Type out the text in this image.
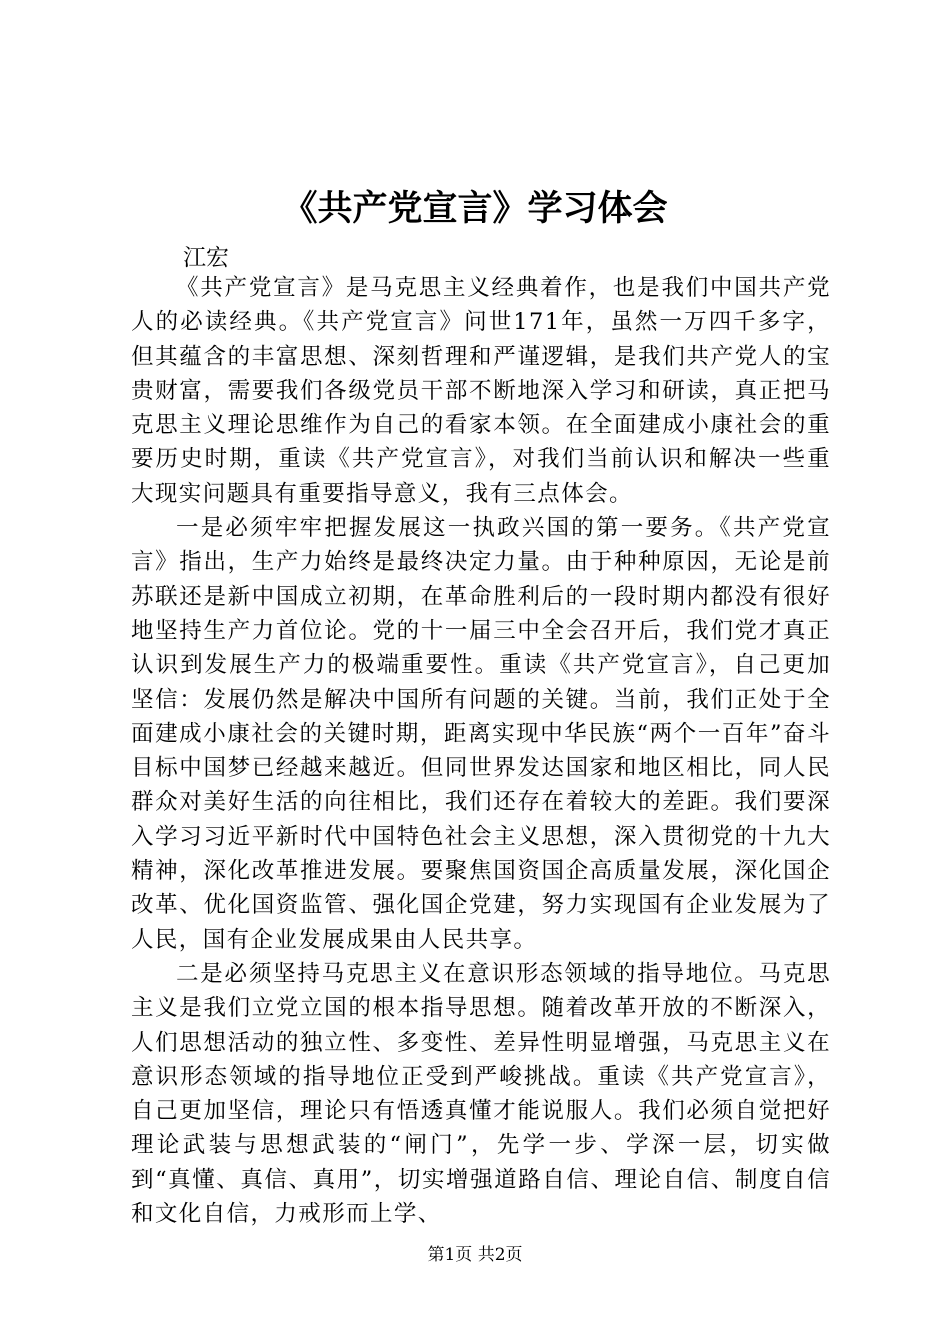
《共产党宣言》学习体会
江宏

《共产党宣言》是马克思主义经典着作，也是我们中国共产党人的必读经典。《共产党宣言》问世171年，虽然一万四千多字，但其蕴含的丰富思想、深刻哲理和严谨逻辑，是我们共产党人的宝贵财富，需要我们各级党员干部不断地深入学习和研读，真正把马克思主义理论思维作为自己的看家本领。在全面建成小康社会的重要历史时期，重读《共产党宣言》，对我们当前认识和解决一些重大现实问题具有重要指导意义，我有三点体会。

一是必须牢牢把握发展这一执政兴国的第一要务。《共产党宣言》指出，生产力始终是最终决定力量。由于种种原因，无论是前苏联还是新中国成立初期，在革命胜利后的一段时期内都没有很好地坚持生产力首位论。党的十一届三中全会召开后，我们党才真正认识到发展生产力的极端重要性。重读《共产党宣言》，自己更加坚信：发展仍然是解决中国所有问题的关键。当前，我们正处于全面建成小康社会的关键时期，距离实现中华民族“两个一百年”奋斗目标中国梦已经越来越近。但同世界发达国家和地区相比，同人民群众对美好生活的向往相比，我们还存在着较大的差距。我们要深入学习习近平新时代中国特色社会主义思想，深入贯彻党的十九大精神，深化改革推进发展。要聚焦国资国企高质量发展，深化国企改革、优化国资监管、强化国企党建，努力实现国有企业发展为了人民，国有企业发展成果由人民共享。

二是必须坚持马克思主义在意识形态领域的指导地位。马克思主义是我们立党立国的根本指导思想。随着改革开放的不断深入，人们思想活动的独立性、多变性、差异性明显增强，马克思主义在意识形态领域的指导地位正受到严峻挑战。重读《共产党宣言》，自己更加坚信，理论只有悟透真懂才能说服人。我们必须自觉把好理论武装与思想武装的“闸门”，先学一步、学深一层，切实做到“真懂、真信、真用”，切实增强道路自信、理论自信、制度自信和文化自信，力戒形而上学、

第1页 共2页
